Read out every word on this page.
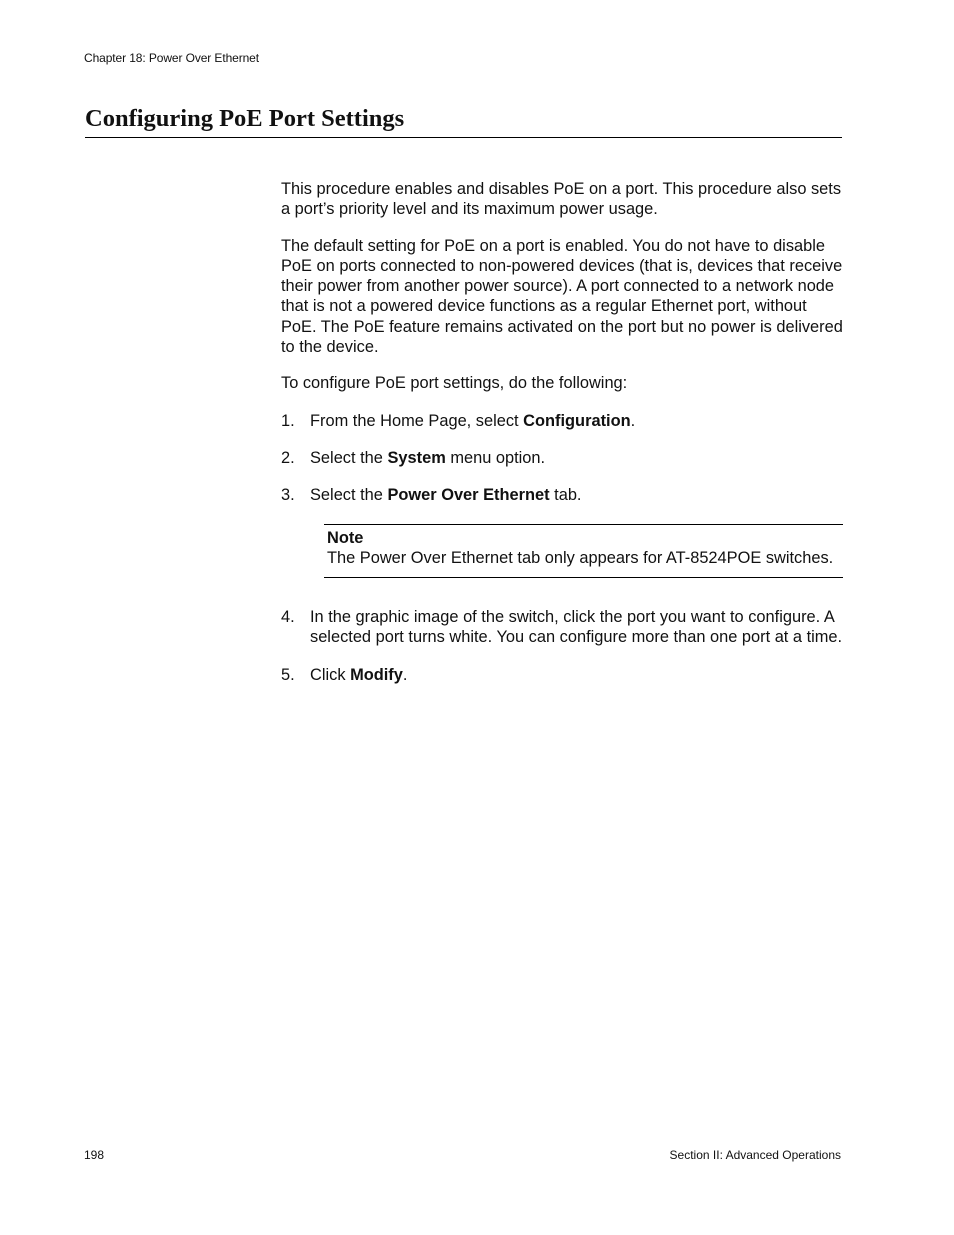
Chapter 18: Power Over Ethernet
Configuring PoE Port Settings

This procedure enables and disables PoE on a port. This procedure also sets a port’s priority level and its maximum power usage.

The default setting for PoE on a port is enabled. You do not have to disable PoE on ports connected to non-powered devices (that is, devices that receive their power from another power source). A port connected to a network node that is not a powered device functions as a regular Ethernet port, without PoE. The PoE feature remains activated on the port but no power is delivered to the device.

To configure PoE port settings, do the following:

1. From the Home Page, select Configuration.
2. Select the System menu option.
3. Select the Power Over Ethernet tab.
Note
The Power Over Ethernet tab only appears for AT-8524POE switches.
4. In the graphic image of the switch, click the port you want to configure. A selected port turns white. You can configure more than one port at a time.
5. Click Modify.
198	Section II: Advanced Operations
